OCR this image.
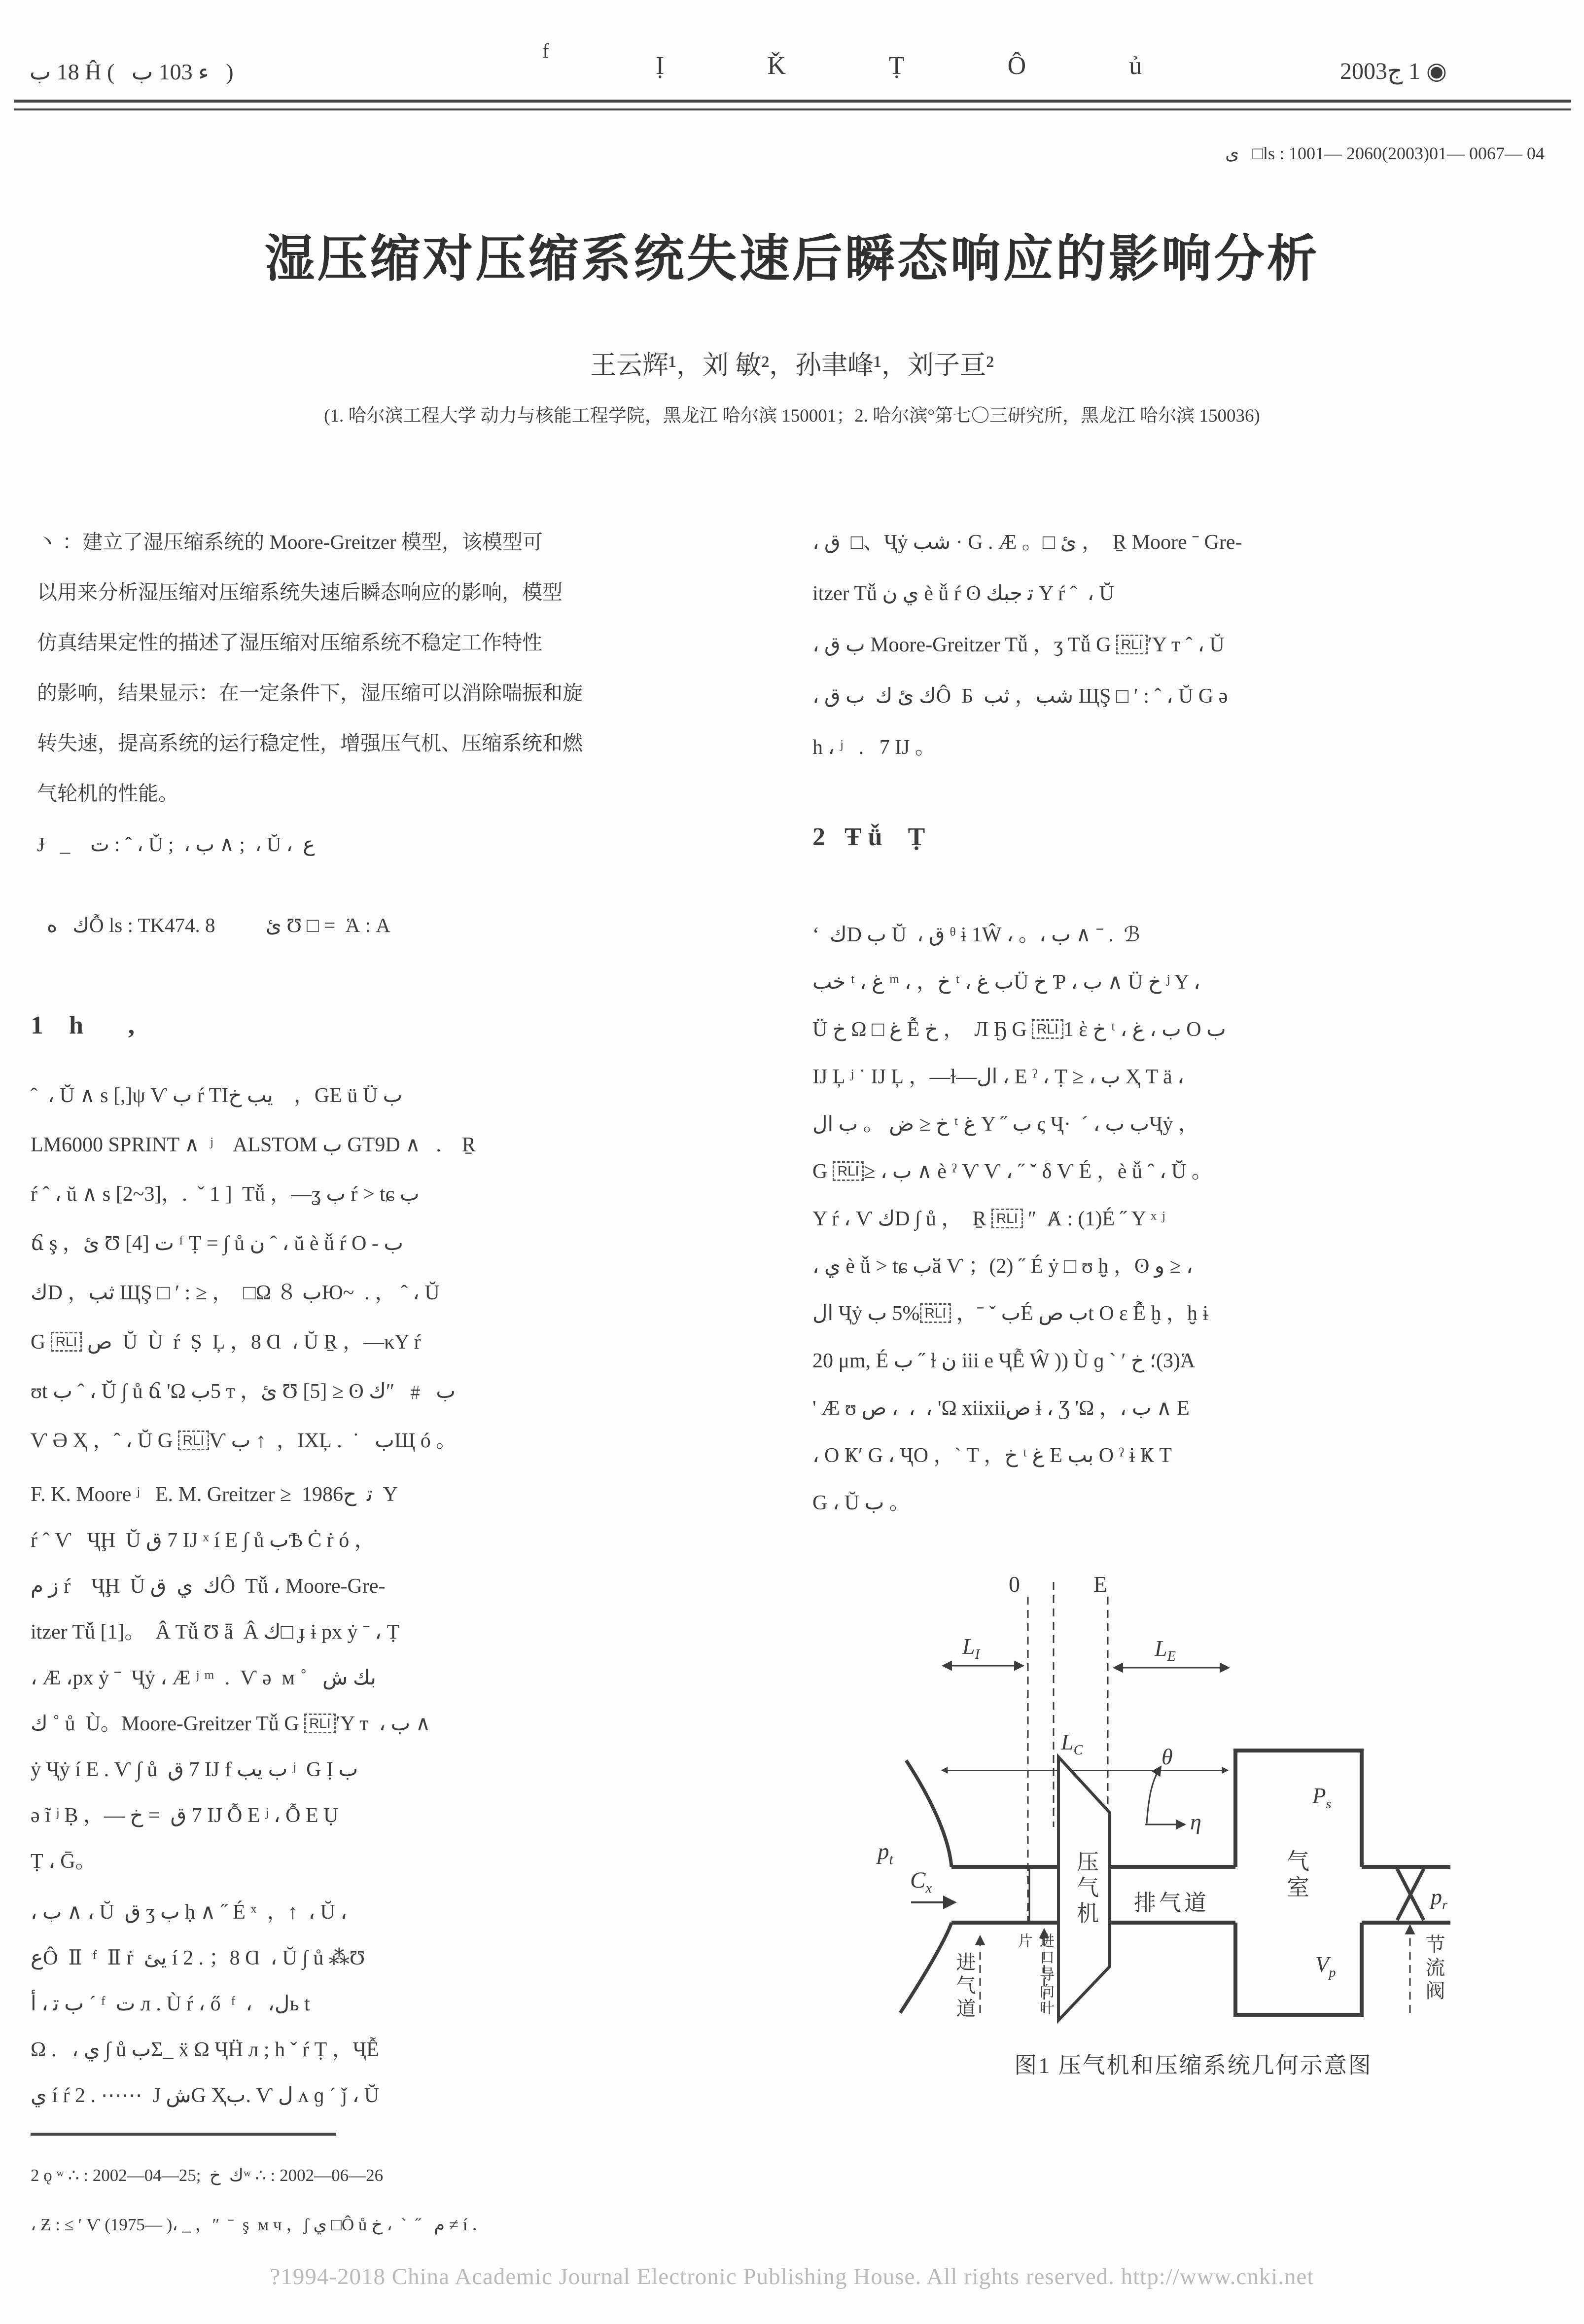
ب 18 Ĥ (   ب 103 ﺀ   )
f
Ị Ǩ Ṭ Ô ủ	2003ج 1 ◉
ى   □ls : 1001— 2060(2003)01— 0067— 04
湿压缩对压缩系统失速后瞬态响应的影响分析
王云辉¹，刘 敏²，孙聿峰¹，刘子亘²
(1. 哈尔滨工程大学 动力与核能工程学院，黑龙江 哈尔滨 150001；2. 哈尔滨°第七〇三研究所，黑龙江 哈尔滨 150036)
丶 ：建立了湿压缩系统的 Moore-Greitzer 模型，该模型可
以用来分析湿压缩对压缩系统失速后瞬态响应的影响，模型
仿真结果定性的描述了湿压缩对压缩系统不稳定工作特性
的影响，结果显示：在一定条件下，湿压缩可以消除喘振和旋
转失速，提高系统的运行稳定性，增强压气机、压缩系统和燃
气轮机的性能。
Ɉ   _    ت : ˆ ، Ŭ ;  ، ب ∧ ;  ، Ŭ ،  ع
ه   كỖ ls : TK474. 8          ئ Ʊ □ =  Ἁ : A
1    h       ,
ˆ  ، Ŭ ∧ s [,]ψ Ѵ ب ŕ TIخ بي    ，GE ü Ü ب
LM6000 SPRINT ∧  ʲ    ALSTOM ب GT9D ∧   .    Ṟ
ŕ ˆ ، ŭ ∧ s [2~3]，.  ˇ 1 ]  Tǚ ，—ʓ ب ŕ > tɕ ب
ճ ş ，ئ Ʊ [4] ت ᶠ Ṭ = ∫ ů ن ˆ ، ŭ è ǚ ŕ O - ب
كD ，بث ЩŞ □ ′ : ≥ ，  □Ω ８ بЮ~  . ， ˆ ، Ŭ
G RLI ص  Ŭ  Ù  ŕ  Ṣ  Ļ ，8 Ɑ  ، Ŭ Ṟ ，—κY ŕ
ʊt ب ˆ ، Ŭ ∫ ů ճ 'Ω ب5 т ，ئ Ʊ [5] ≥ ʘ ك″  ﹟  ب
Ѵ Ə Ҳ ，ˆ ، Ŭ G RLI Ѵ ب ↑  ，IXĻ .  ˙   بЩ ó 。
F. K. Moore ʲ   E. M. Greitzer ≥  1986ح  ﺗ  Y
ŕ ˆ Ѵ   ҶḨ  Ŭ ق 7 IJ ˣ í E ∫ ů بѢ Ċ ṙ ó ，
م ز ŕ    ҶḨ  Ŭ ق  ي  كÔ  Tǚ ، Moore-Gre-
itzer Tǚ [1]。  Â Tǚ Ʊ ǟ  Â ك□ ɟ ɨ px ẏ ˉ ، Ṭ
، Æ ،px ẏ ˉ  Ҷẏ ، Æ ʲ ᵐ  .  Ѵ ǝ  м ˚   ش كب
ك ˚ ů  Ù。Moore-Greitzer Tǚ G RLI ʹY т  ، ب ∧
ẏ Ҷẏ í E . Ѵ ∫ ů  ق 7 IJ f بي ب ʲ  G Ị ب
ǝ ĩ ʲ Ḅ ，— خ =  ق 7 IJ Ỗ E ʲ ، Ỗ E Ụ
Ṭ ، Ḡ。
، ب ∧ ، Ŭ  ق ʒ ب ḥ ∧ ˝ É ˣ  ，↑  ، Ŭ ،
عÔ  Ⅱ  ᶠ  Ⅱ ṙ  ئي í 2 . ；8 Ɑ  ، Ŭ ∫ ů ⁂Ʊ
أ ، ﺗ ب ˊ ᶠ  ت л . Ù ŕ ، ő  ᶠ  ،   ،لь t
Ω .   ، ي ∫ ů بΣ_ ẍ Ω ҶḦ л ; h ˇ ŕ Ṭ ，ҶỄ
ي í ŕ 2 . ⋯⋯  J شG Ҳب. Ѵ ل ʌ ɡ ˊ ǰ ، Ŭ
، ق  □、Ҷẏ بش · G . Æ 。□ ئ ，  Ṟ Moore ˉ Gre-
itzer Tǚ ن ي è ǚ ŕ ʘ كبج ﺗ Y ŕ ˆ  ، Ŭ
، ق ب Moore-Greitzer Tǚ ，ʒ Tǚ G RLI ʹY т ˆ ، Ŭ
، ق ب  ك ئ كÔ  Б  بث ，بش ЩŞ □ ′ : ˆ ، Ŭ G ǝ
h ، ʲ   .   7 IJ 。
2   Ŧ ǚ    Ṭ
ʻ  كD ب Ŭ  ، ق ᶿ ɨ 1Ŵ ، 。، ب ∧ ˉ .  ℬ
بخ ᵗ ، غ ᵐ ، ，خ ᵗ ، غ بÜ خ Ƥ ، ب ∧ Ü خ ʲ Y ،
Ü خ Ω □ غ Ễ خ ，  Л Ҕ G RLI 1 ὲ خ ᵗ ، غ ، ب O ب
IJ Ļ ʲ ˙ IJ Ļ ，—ɫ—لا ، E ˀ ، Ṭ ≥ ، ب Ҳ T ä ،
لا ب 。 ض ≥ خ ᵗ غ Y ˝ ب ς Ҷ·  ˊ ، ب بҶẏ ，
G RLI ≥ ، ب ∧ è ˀ Ѵ Ѵ ، ˝ ˇ δ Ѵ É ，è ǚ ˆ ، Ŭ 。
Y ŕ ، Ѵ كD ∫ ů ，  Ṟ RLI ″  Ⱥ : (1)É ˝ Y ˣ ʲ
، ي è ǚ > tɕ بӑ Ѵ ；(2) ˝ É ẏ □ ʊ ḫ ，ʘ و ≥ ،
لا Ҷẏ ب 5% RLI ，ˉ ˇ بÉ ص بt O ɛ Ễ ḫ ，ḫ ɨ
20 μm, É ب ˝ ɫ ن iii e ҶỄ Ŵ )) Ù ɡ ˋ ′ خ ؛(3)Ἁ
' Æ ʊ ص ،  ،  ، 'Ω xiixiiص ɨ ، Ʒ 'Ω ，، ب ∧ E
، O Ҝʹ G ، ҶО ，ˋ T ，خ ᵗ غ E بب O ˀ ɨ Ҝ T
G ، Ŭ ب 。
0	E
$L_I$	$L_E$
$L_C$	θ
η
$p_t$
$C_x$	压气机 排气道
气室
$P_s$
$V_p$
$p_r$
节流阀
进气道	进口导向叶片
图1 压气机和压缩系统几何示意图
2 ǫ ʷ ∴ : 2002—04—25;  خ  كʷ ∴ : 2002—06—26
، Ƶ : ≤ ʹ Ѵ (1975— )، _ ，″  ˉ  ş  м ч ，ʃ ي □Ô ů خ ،  `  ˝   م ≠ í ．
?1994-2018 China Academic Journal Electronic Publishing House. All rights reserved. http://www.cnki.net
